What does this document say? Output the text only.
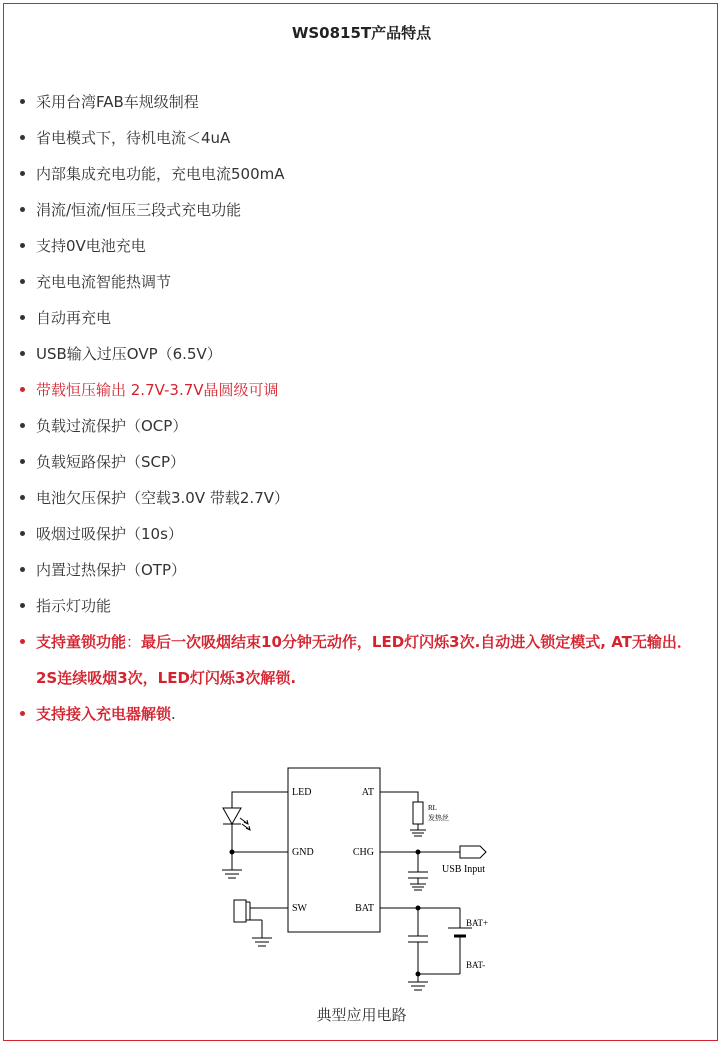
WS0815T产品特点
采用台湾FAB车规级制程
省电模式下，待机电流＜4uA
内部集成充电功能，充电电流500mA
涓流/恒流/恒压三段式充电功能
支持0V电池充电
充电电流智能热调节
自动再充电
USB输入过压OVP（6.5V）
带载恒压输出 2.7V-3.7V晶圆级可调
负载过流保护（OCP）
负载短路保护（SCP）
电池欠压保护（空载3.0V 带载2.7V）
吸烟过吸保护（10s）
内置过热保护（OTP）
指示灯功能
支持童锁功能：最后一次吸烟结束10分钟无动作，LED灯闪烁3次.自动进入锁定模式, AT无输出．2S连续吸烟3次，LED灯闪烁3次解锁.
支持接入充电器解锁.
LED
GND
SW
AT
CHG
BAT
RL
发热丝
USB Input
BAT+
BAT-
典型应用电路
